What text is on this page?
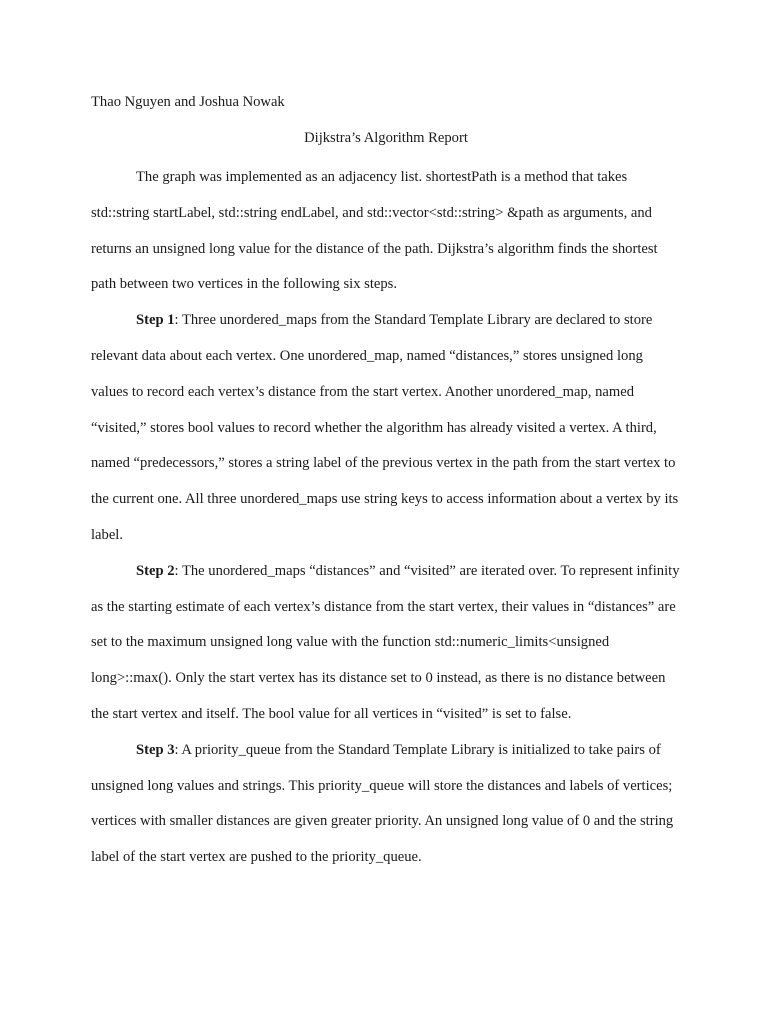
Thao Nguyen and Joshua Nowak

Dijkstra’s Algorithm Report

The graph was implemented as an adjacency list. shortestPath is a method that takes std::string startLabel, std::string endLabel, and std::vector<std::string> &path as arguments, and returns an unsigned long value for the distance of the path. Dijkstra’s algorithm finds the shortest path between two vertices in the following six steps.

Step 1: Three unordered_maps from the Standard Template Library are declared to store relevant data about each vertex. One unordered_map, named “distances,” stores unsigned long values to record each vertex’s distance from the start vertex. Another unordered_map, named “visited,” stores bool values to record whether the algorithm has already visited a vertex. A third, named “predecessors,” stores a string label of the previous vertex in the path from the start vertex to the current one. All three unordered_maps use string keys to access information about a vertex by its label.

Step 2: The unordered_maps “distances” and “visited” are iterated over. To represent infinity as the starting estimate of each vertex’s distance from the start vertex, their values in “distances” are set to the maximum unsigned long value with the function std::numeric_limits<unsigned long>::max(). Only the start vertex has its distance set to 0 instead, as there is no distance between the start vertex and itself. The bool value for all vertices in “visited” is set to false.

Step 3: A priority_queue from the Standard Template Library is initialized to take pairs of unsigned long values and strings. This priority_queue will store the distances and labels of vertices; vertices with smaller distances are given greater priority. An unsigned long value of 0 and the string label of the start vertex are pushed to the priority_queue.
